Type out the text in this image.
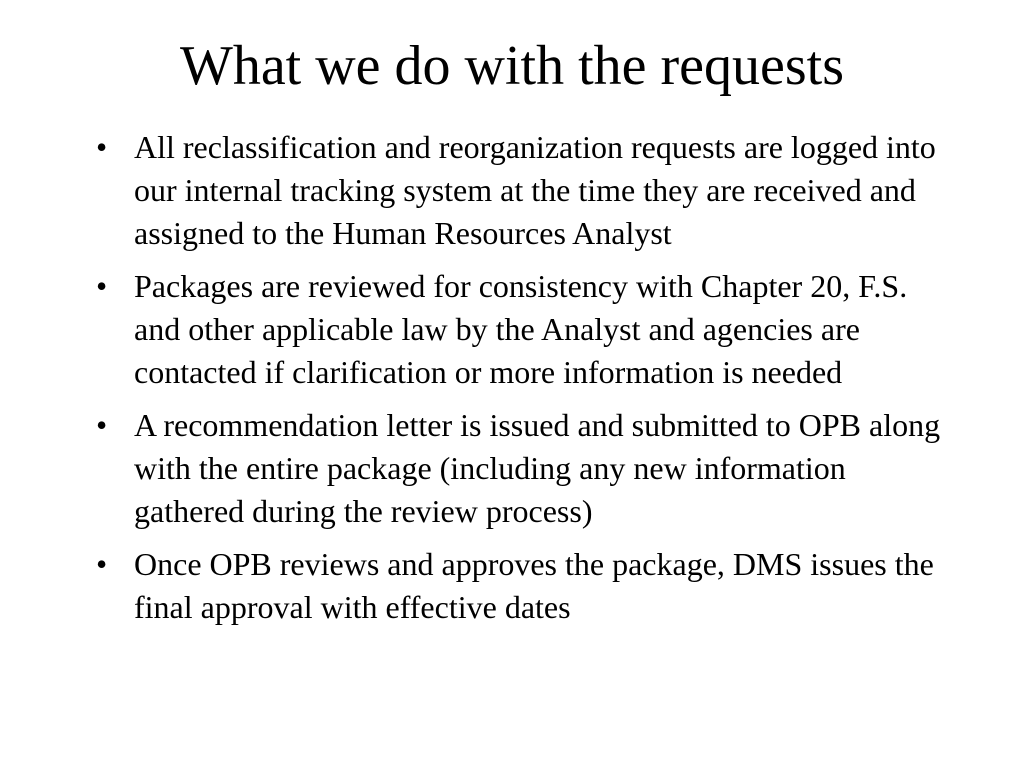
What we do with the requests
• All reclassification and reorganization requests are logged into our internal tracking system at the time they are received and assigned to the Human Resources Analyst
• Packages are reviewed for consistency with Chapter 20, F.S. and other applicable law by the Analyst and agencies are contacted if clarification or more information is needed
• A recommendation letter is issued and submitted to OPB along with the entire package (including any new information gathered during the review process)
• Once OPB reviews and approves the package, DMS issues the final approval with effective dates
